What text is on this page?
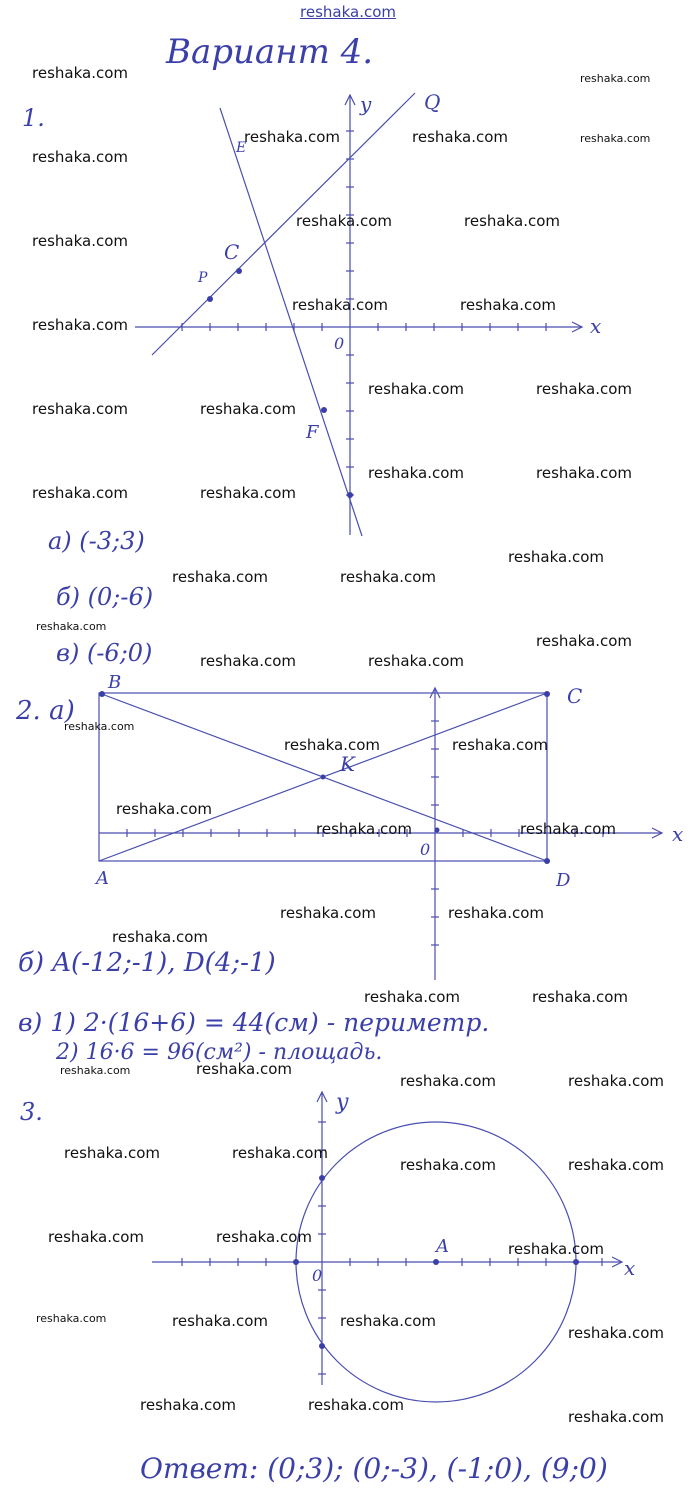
Вариант 4.
1.
Q
y
E
C
P
x
0
F
а) (-3;3)
б) (0;-6)
в) (-6;0)
2. а)
B
C
K
x
0
A	D
б) A(-12;-1), D(4;-1)
в) 1) 2·(16+6) = 44(см) - периметр.
2) 16·6 = 96(см²) - площадь.
3.	y
A
x
0
Ответ: (0;3); (0;-3), (-1;0), (9;0)
reshaka.com
reshaka.com	reshaka.com
reshaka.com	reshaka.com	reshaka.com
reshaka.com
reshaka.com	reshaka.com
reshaka.com
reshaka.com	reshaka.com
reshaka.com
reshaka.com	reshaka.com
reshaka.com	reshaka.com
reshaka.com	reshaka.com
reshaka.com	reshaka.com
reshaka.com
reshaka.com	reshaka.com
reshaka.com
reshaka.com
reshaka.com	reshaka.com
reshaka.com
reshaka.com	reshaka.com
reshaka.com
reshaka.com	reshaka.com
reshaka.com	reshaka.com
reshaka.com
reshaka.com	reshaka.com
reshaka.com	reshaka.com
reshaka.com	reshaka.com
reshaka.com	reshaka.com
reshaka.com	reshaka.com
reshaka.com	reshaka.com
reshaka.com
reshaka.com	reshaka.com	reshaka.com
reshaka.com
reshaka.com	reshaka.com
reshaka.com
